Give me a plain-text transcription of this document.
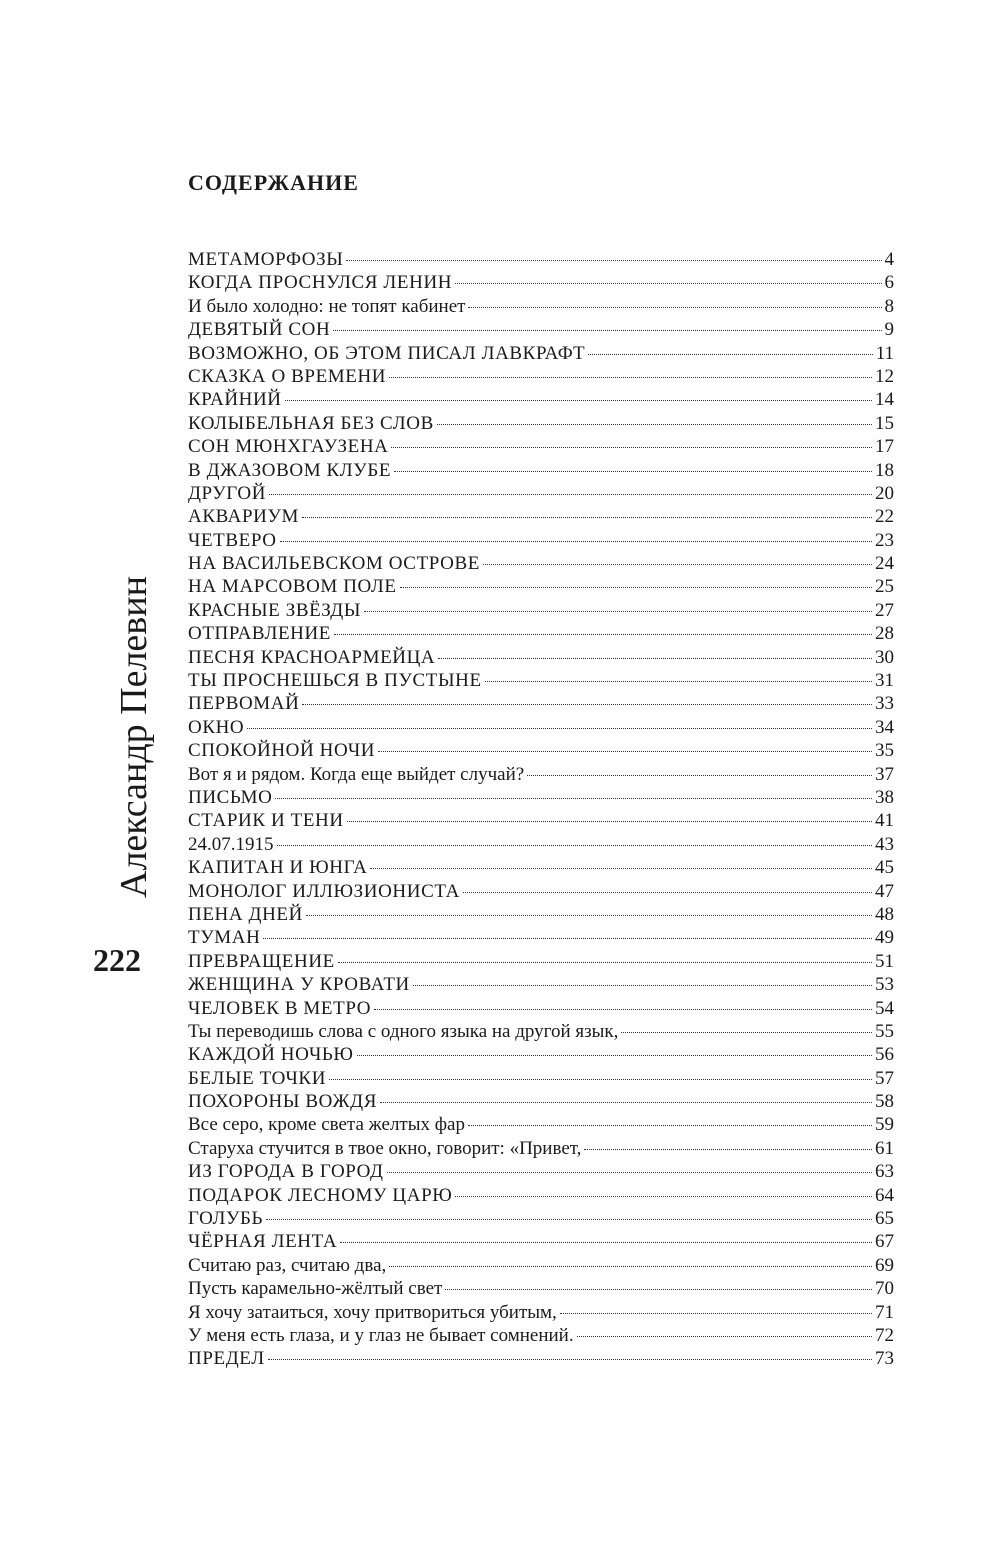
СОДЕРЖАНИЕ
Александр Пелевин
222
МЕТАМОРФОЗЫ	4
КОГДА ПРОСНУЛСЯ ЛЕНИН	6
И было холодно: не топят кабинет	8
ДЕВЯТЫЙ СОН	9
ВОЗМОЖНО, ОБ ЭТОМ ПИСАЛ ЛАВКРАФТ	11
СКАЗКА О ВРЕМЕНИ	12
КРАЙНИЙ	14
КОЛЫБЕЛЬНАЯ БЕЗ СЛОВ	15
СОН МЮНХГАУЗЕНА	17
В ДЖАЗОВОМ КЛУБЕ	18
ДРУГОЙ	20
АКВАРИУМ	22
ЧЕТВЕРО	23
НА ВАСИЛЬЕВСКОМ ОСТРОВЕ	24
НА МАРСОВОМ ПОЛЕ	25
КРАСНЫЕ ЗВЁЗДЫ	27
ОТПРАВЛЕНИЕ	28
ПЕСНЯ КРАСНОАРМЕЙЦА	30
ТЫ ПРОСНЕШЬСЯ В ПУСТЫНЕ	31
ПЕРВОМАЙ	33
ОКНО	34
СПОКОЙНОЙ НОЧИ	35
Вот я и рядом. Когда еще выйдет случай?	37
ПИСЬМО	38
СТАРИК И ТЕНИ	41
24.07.1915	43
КАПИТАН И ЮНГА	45
МОНОЛОГ ИЛЛЮЗИОНИСТА	47
ПЕНА ДНЕЙ	48
ТУМАН	49
ПРЕВРАЩЕНИЕ	51
ЖЕНЩИНА У КРОВАТИ	53
ЧЕЛОВЕК В МЕТРО	54
Ты переводишь слова с одного языка на другой язык,	55
КАЖДОЙ НОЧЬЮ	56
БЕЛЫЕ ТОЧКИ	57
ПОХОРОНЫ ВОЖДЯ	58
Все серо, кроме света желтых фар	59
Старуха стучится в твое окно, говорит: «Привет,	61
ИЗ ГОРОДА В ГОРОД	63
ПОДАРОК ЛЕСНОМУ ЦАРЮ	64
ГОЛУБЬ	65
ЧЁРНАЯ ЛЕНТА	67
Считаю раз, считаю два,	69
Пусть карамельно-жёлтый свет	70
Я хочу затаиться, хочу притвориться убитым,	71
У меня есть глаза, и у глаз не бывает сомнений.	72
ПРЕДЕЛ	73
